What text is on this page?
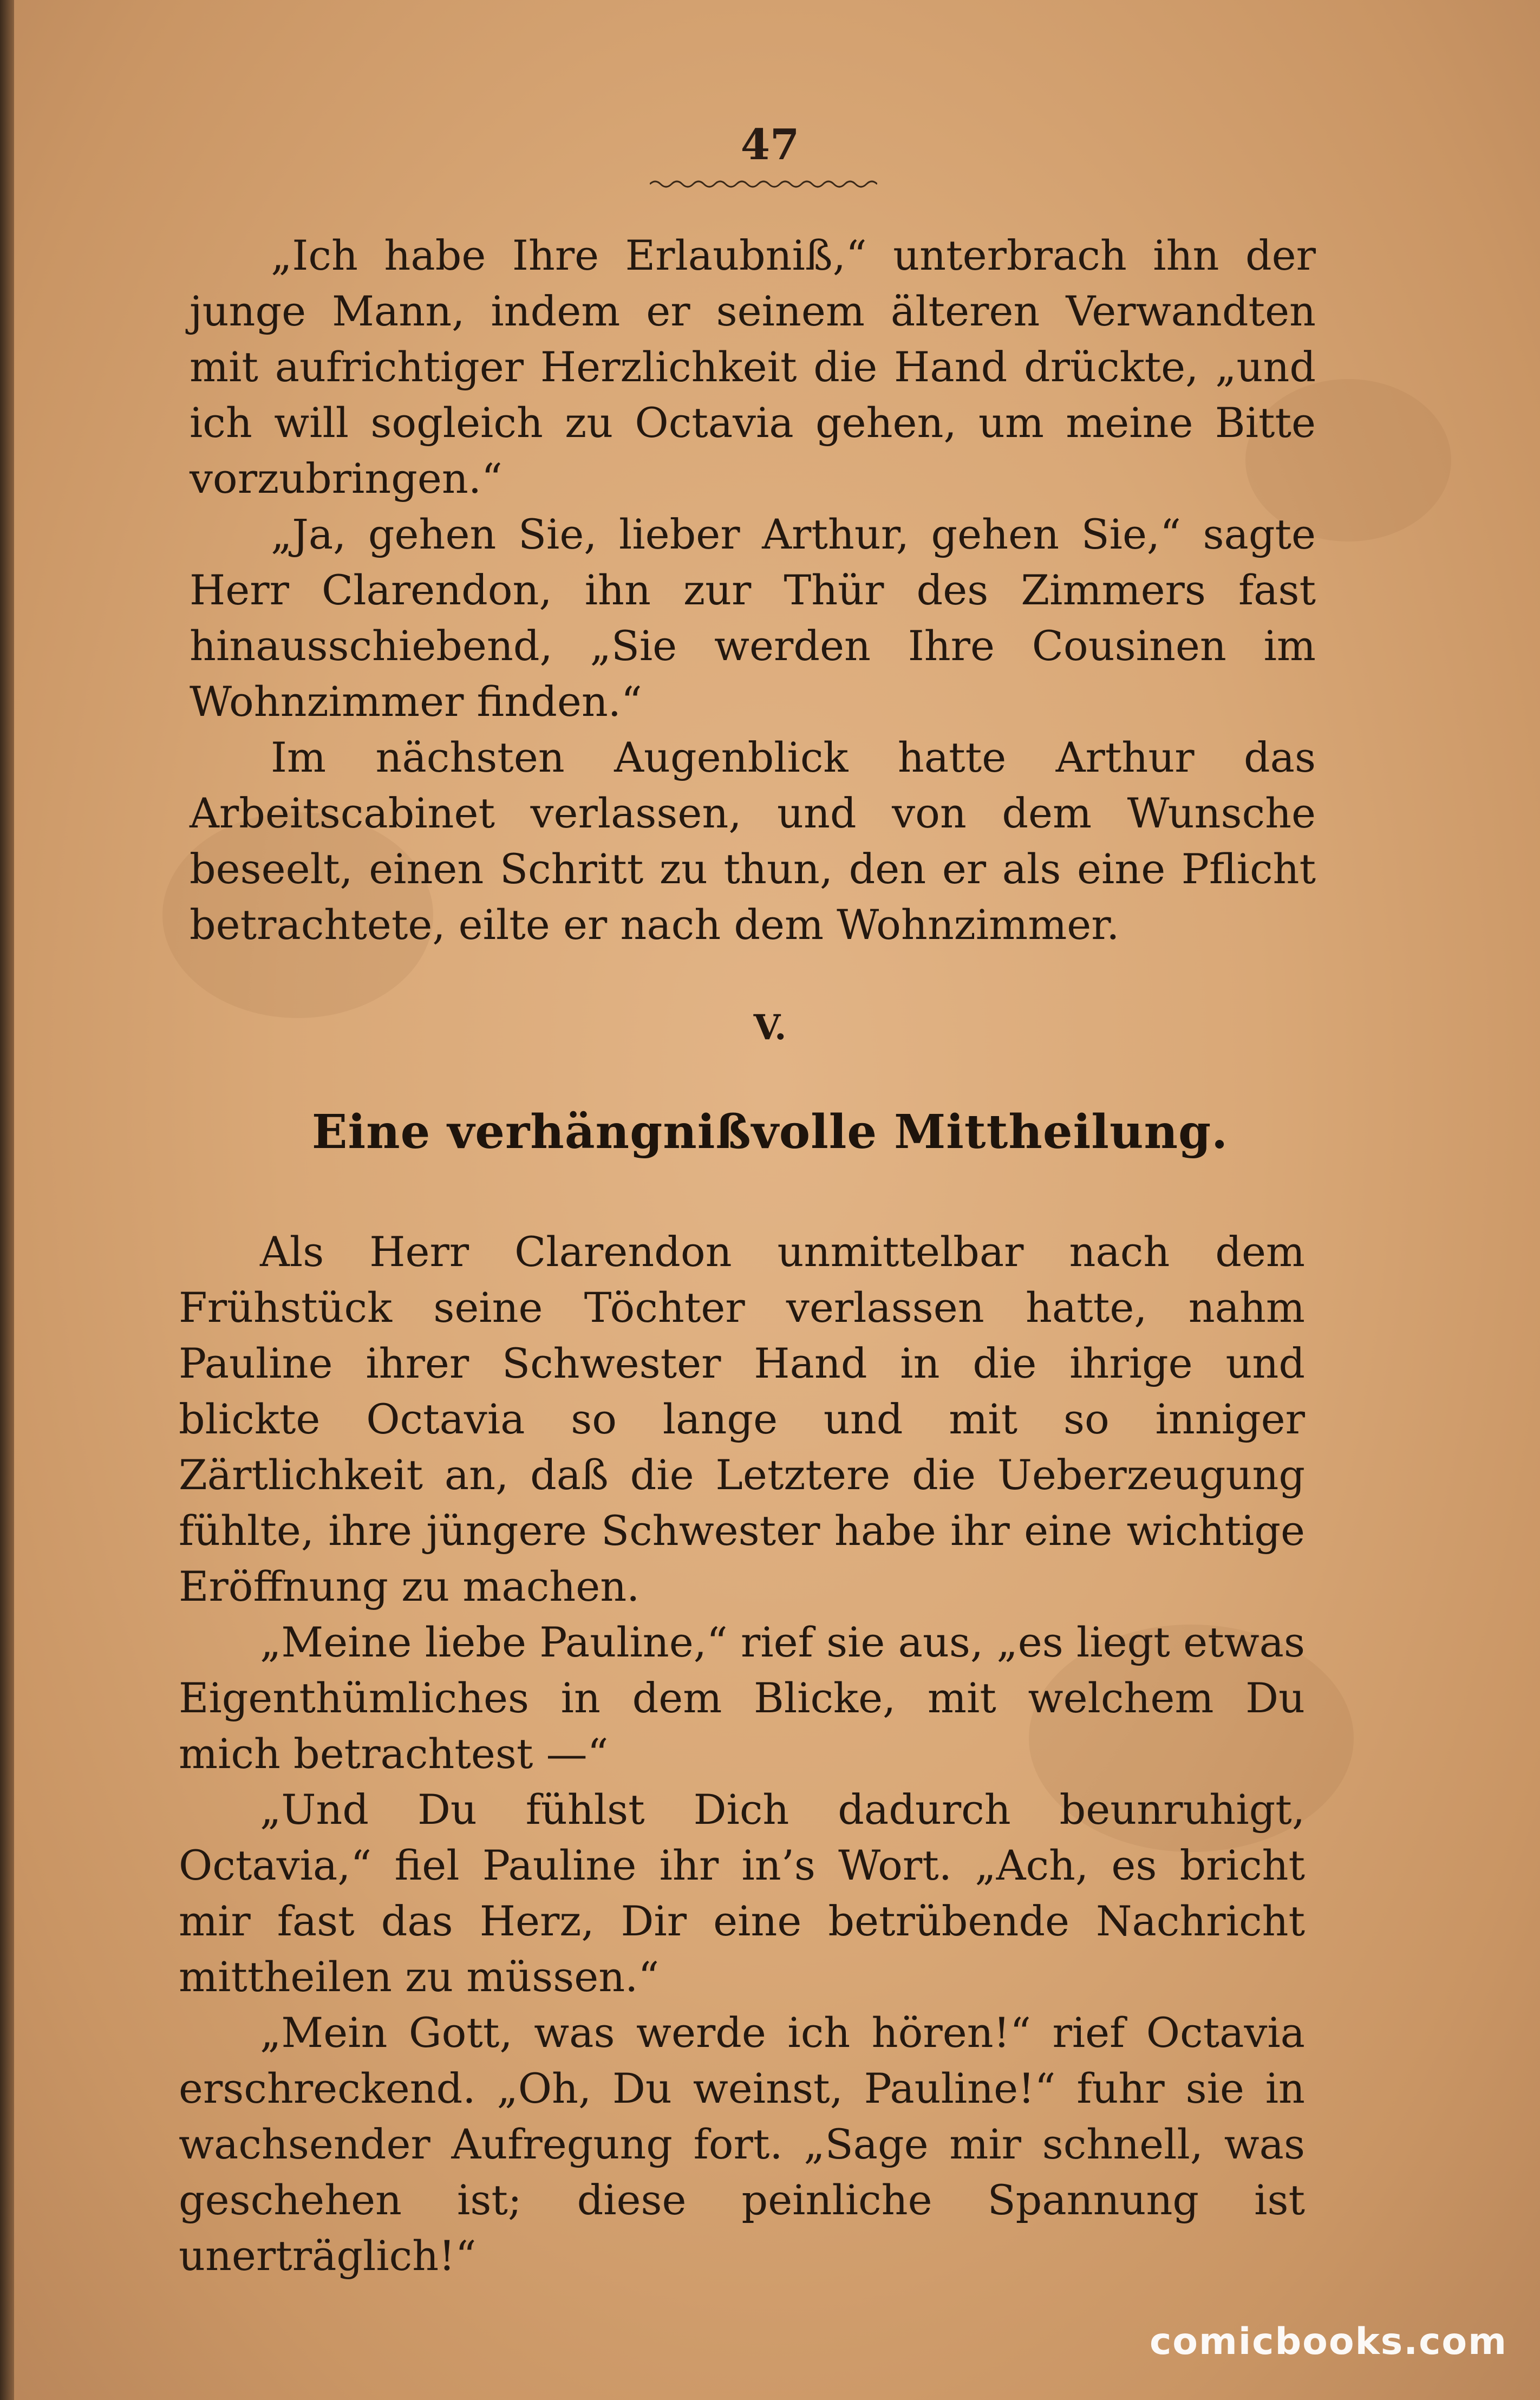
47

„Ich habe Ihre Erlaubniß,“ unterbrach ihn der junge Mann, indem er seinem älteren Verwandten mit aufrichtiger Herzlichkeit die Hand drückte, „und ich will sogleich zu Octavia gehen, um meine Bitte vorzubringen.“

„Ja, gehen Sie, lieber Arthur, gehen Sie,“ sagte Herr Clarendon, ihn zur Thür des Zimmers fast hinausschiebend, „Sie werden Ihre Cousinen im Wohnzimmer finden.“

Im nächsten Augenblick hatte Arthur das Arbeitscabinet verlassen, und von dem Wunsche beseelt, einen Schritt zu thun, den er als eine Pflicht betrachtete, eilte er nach dem Wohnzimmer.

V.
Eine verhängnißvolle Mittheilung.

Als Herr Clarendon unmittelbar nach dem Frühstück seine Töchter verlassen hatte, nahm Pauline ihrer Schwester Hand in die ihrige und blickte Octavia so lange und mit so inniger Zärtlichkeit an, daß die Letztere die Ueberzeugung fühlte, ihre jüngere Schwester habe ihr eine wichtige Eröffnung zu machen.

„Meine liebe Pauline,“ rief sie aus, „es liegt etwas Eigenthümliches in dem Blicke, mit welchem Du mich betrachtest —“

„Und Du fühlst Dich dadurch beunruhigt, Octavia,“ fiel Pauline ihr in’s Wort. „Ach, es bricht mir fast das Herz, Dir eine betrübende Nachricht mittheilen zu müssen.“

„Mein Gott, was werde ich hören!“ rief Octavia erschreckend. „Oh, Du weinst, Pauline!“ fuhr sie in wachsender Aufregung fort. „Sage mir schnell, was geschehen ist; diese peinliche Spannung ist unerträglich!“

comicbooks.com
